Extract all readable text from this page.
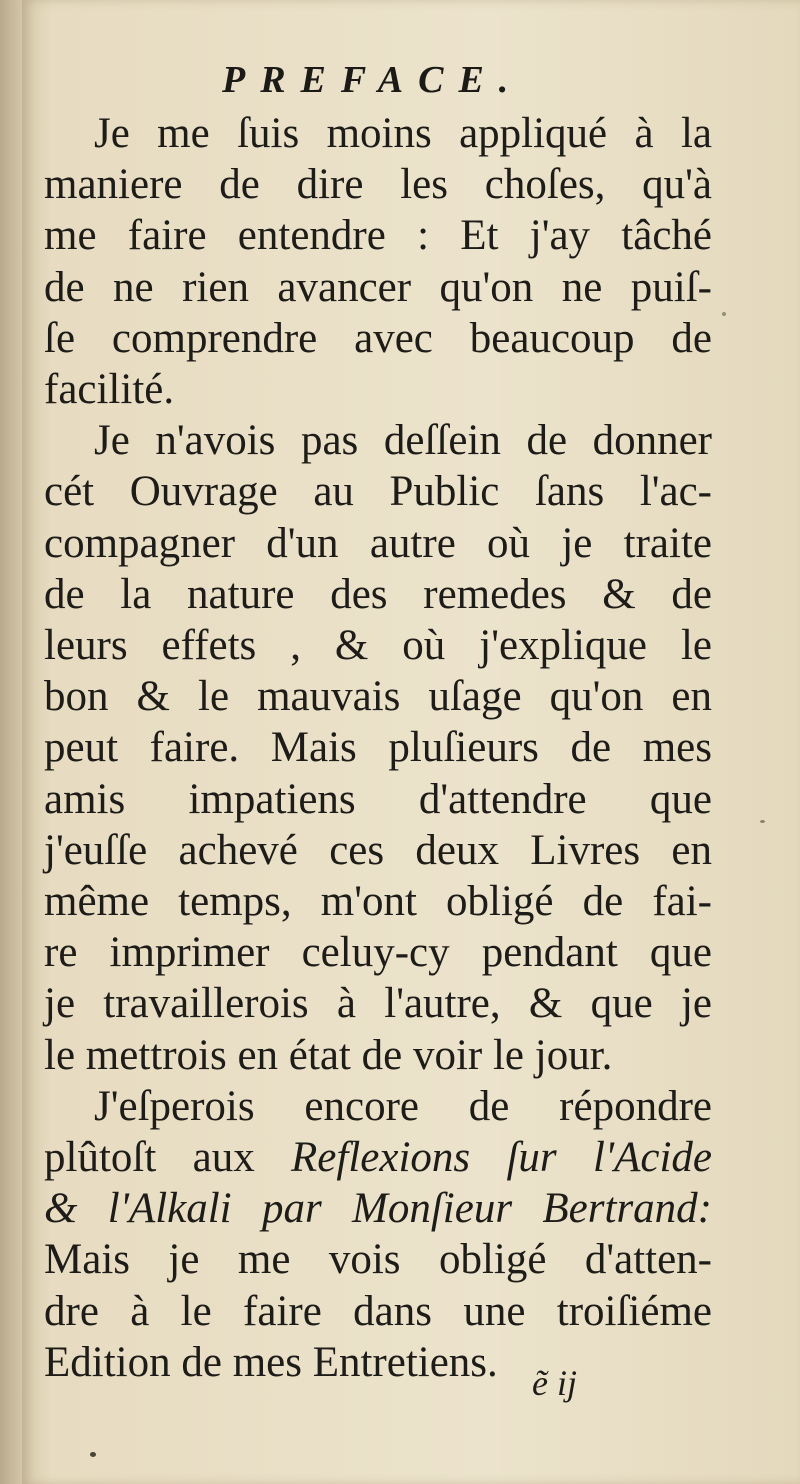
PREFACE.

Je me ſuis moins appliqué à la
maniere de dire les choſes, qu'à
me faire entendre : Et j'ay tâché
de ne rien avancer qu'on ne puiſ-
ſe comprendre avec beaucoup de
facilité.

Je n'avois pas deſſein de donner
cét Ouvrage au Public ſans l'ac-
compagner d'un autre où je traite
de la nature des remedes & de
leurs effets , & où j'explique le
bon & le mauvais uſage qu'on en
peut faire. Mais pluſieurs de mes
amis impatiens d'attendre que
j'euſſe achevé ces deux Livres en
même temps, m'ont obligé de fai-
re imprimer celuy-cy pendant que
je travaillerois à l'autre, & que je
le mettrois en état de voir le jour.

J'eſperois encore de répondre
plûtoſt aux Reflexions ſur l'Acide
& l'Alkali par Monſieur Bertrand:
Mais je me vois obligé d'atten-
dre à le faire dans une troiſiéme
Edition de mes Entretiens. ẽ ij
